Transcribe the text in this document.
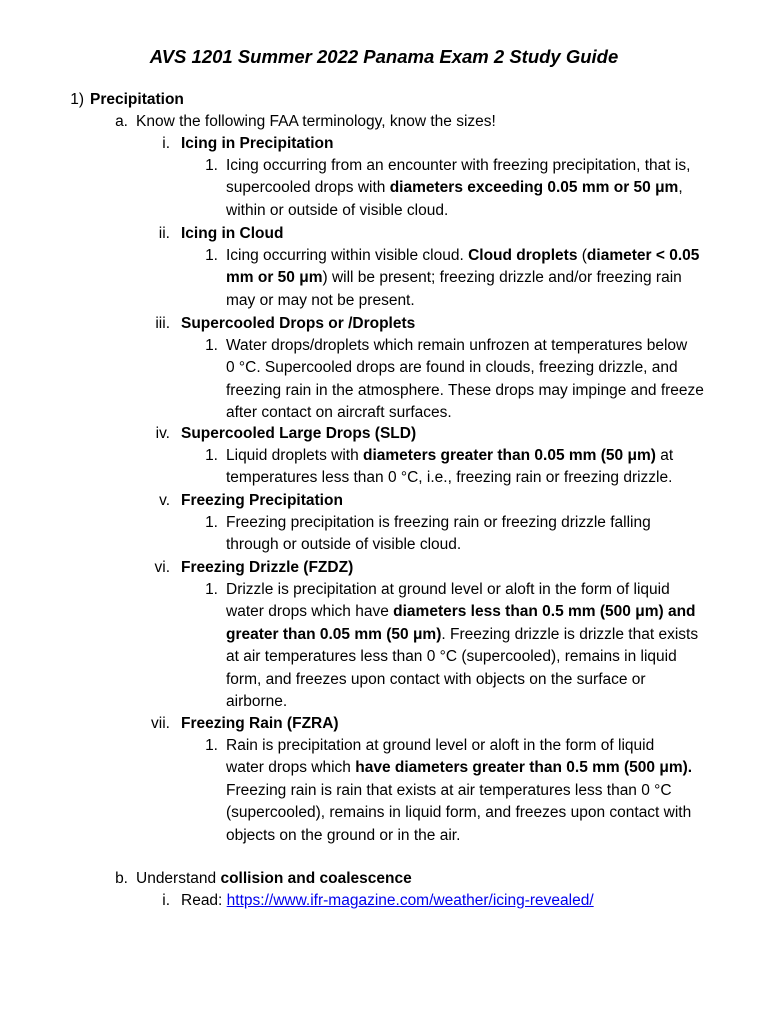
AVS 1201 Summer 2022 Panama Exam 2 Study Guide
1) Precipitation
a. Know the following FAA terminology, know the sizes!
i. Icing in Precipitation
1. Icing occurring from an encounter with freezing precipitation, that is,
supercooled drops with diameters exceeding 0.05 mm or 50 μm,
within or outside of visible cloud.
ii. Icing in Cloud
1. Icing occurring within visible cloud. Cloud droplets (diameter < 0.05
mm or 50 μm) will be present; freezing drizzle and/or freezing rain
may or may not be present.
iii. Supercooled Drops or /Droplets
1. Water drops/droplets which remain unfrozen at temperatures below
0 °C. Supercooled drops are found in clouds, freezing drizzle, and
freezing rain in the atmosphere. These drops may impinge and freeze
after contact on aircraft surfaces.
iv. Supercooled Large Drops (SLD)
1. Liquid droplets with diameters greater than 0.05 mm (50 μm) at
temperatures less than 0 °C, i.e., freezing rain or freezing drizzle.
v. Freezing Precipitation
1. Freezing precipitation is freezing rain or freezing drizzle falling
through or outside of visible cloud.
vi. Freezing Drizzle (FZDZ)
1. Drizzle is precipitation at ground level or aloft in the form of liquid
water drops which have diameters less than 0.5 mm (500 μm) and
greater than 0.05 mm (50 μm). Freezing drizzle is drizzle that exists
at air temperatures less than 0 °C (supercooled), remains in liquid
form, and freezes upon contact with objects on the surface or
airborne.
vii. Freezing Rain (FZRA)
1. Rain is precipitation at ground level or aloft in the form of liquid
water drops which have diameters greater than 0.5 mm (500 μm).
Freezing rain is rain that exists at air temperatures less than 0 °C
(supercooled), remains in liquid form, and freezes upon contact with
objects on the ground or in the air.
b. Understand collision and coalescence
i. Read: https://www.ifr-magazine.com/weather/icing-revealed/
